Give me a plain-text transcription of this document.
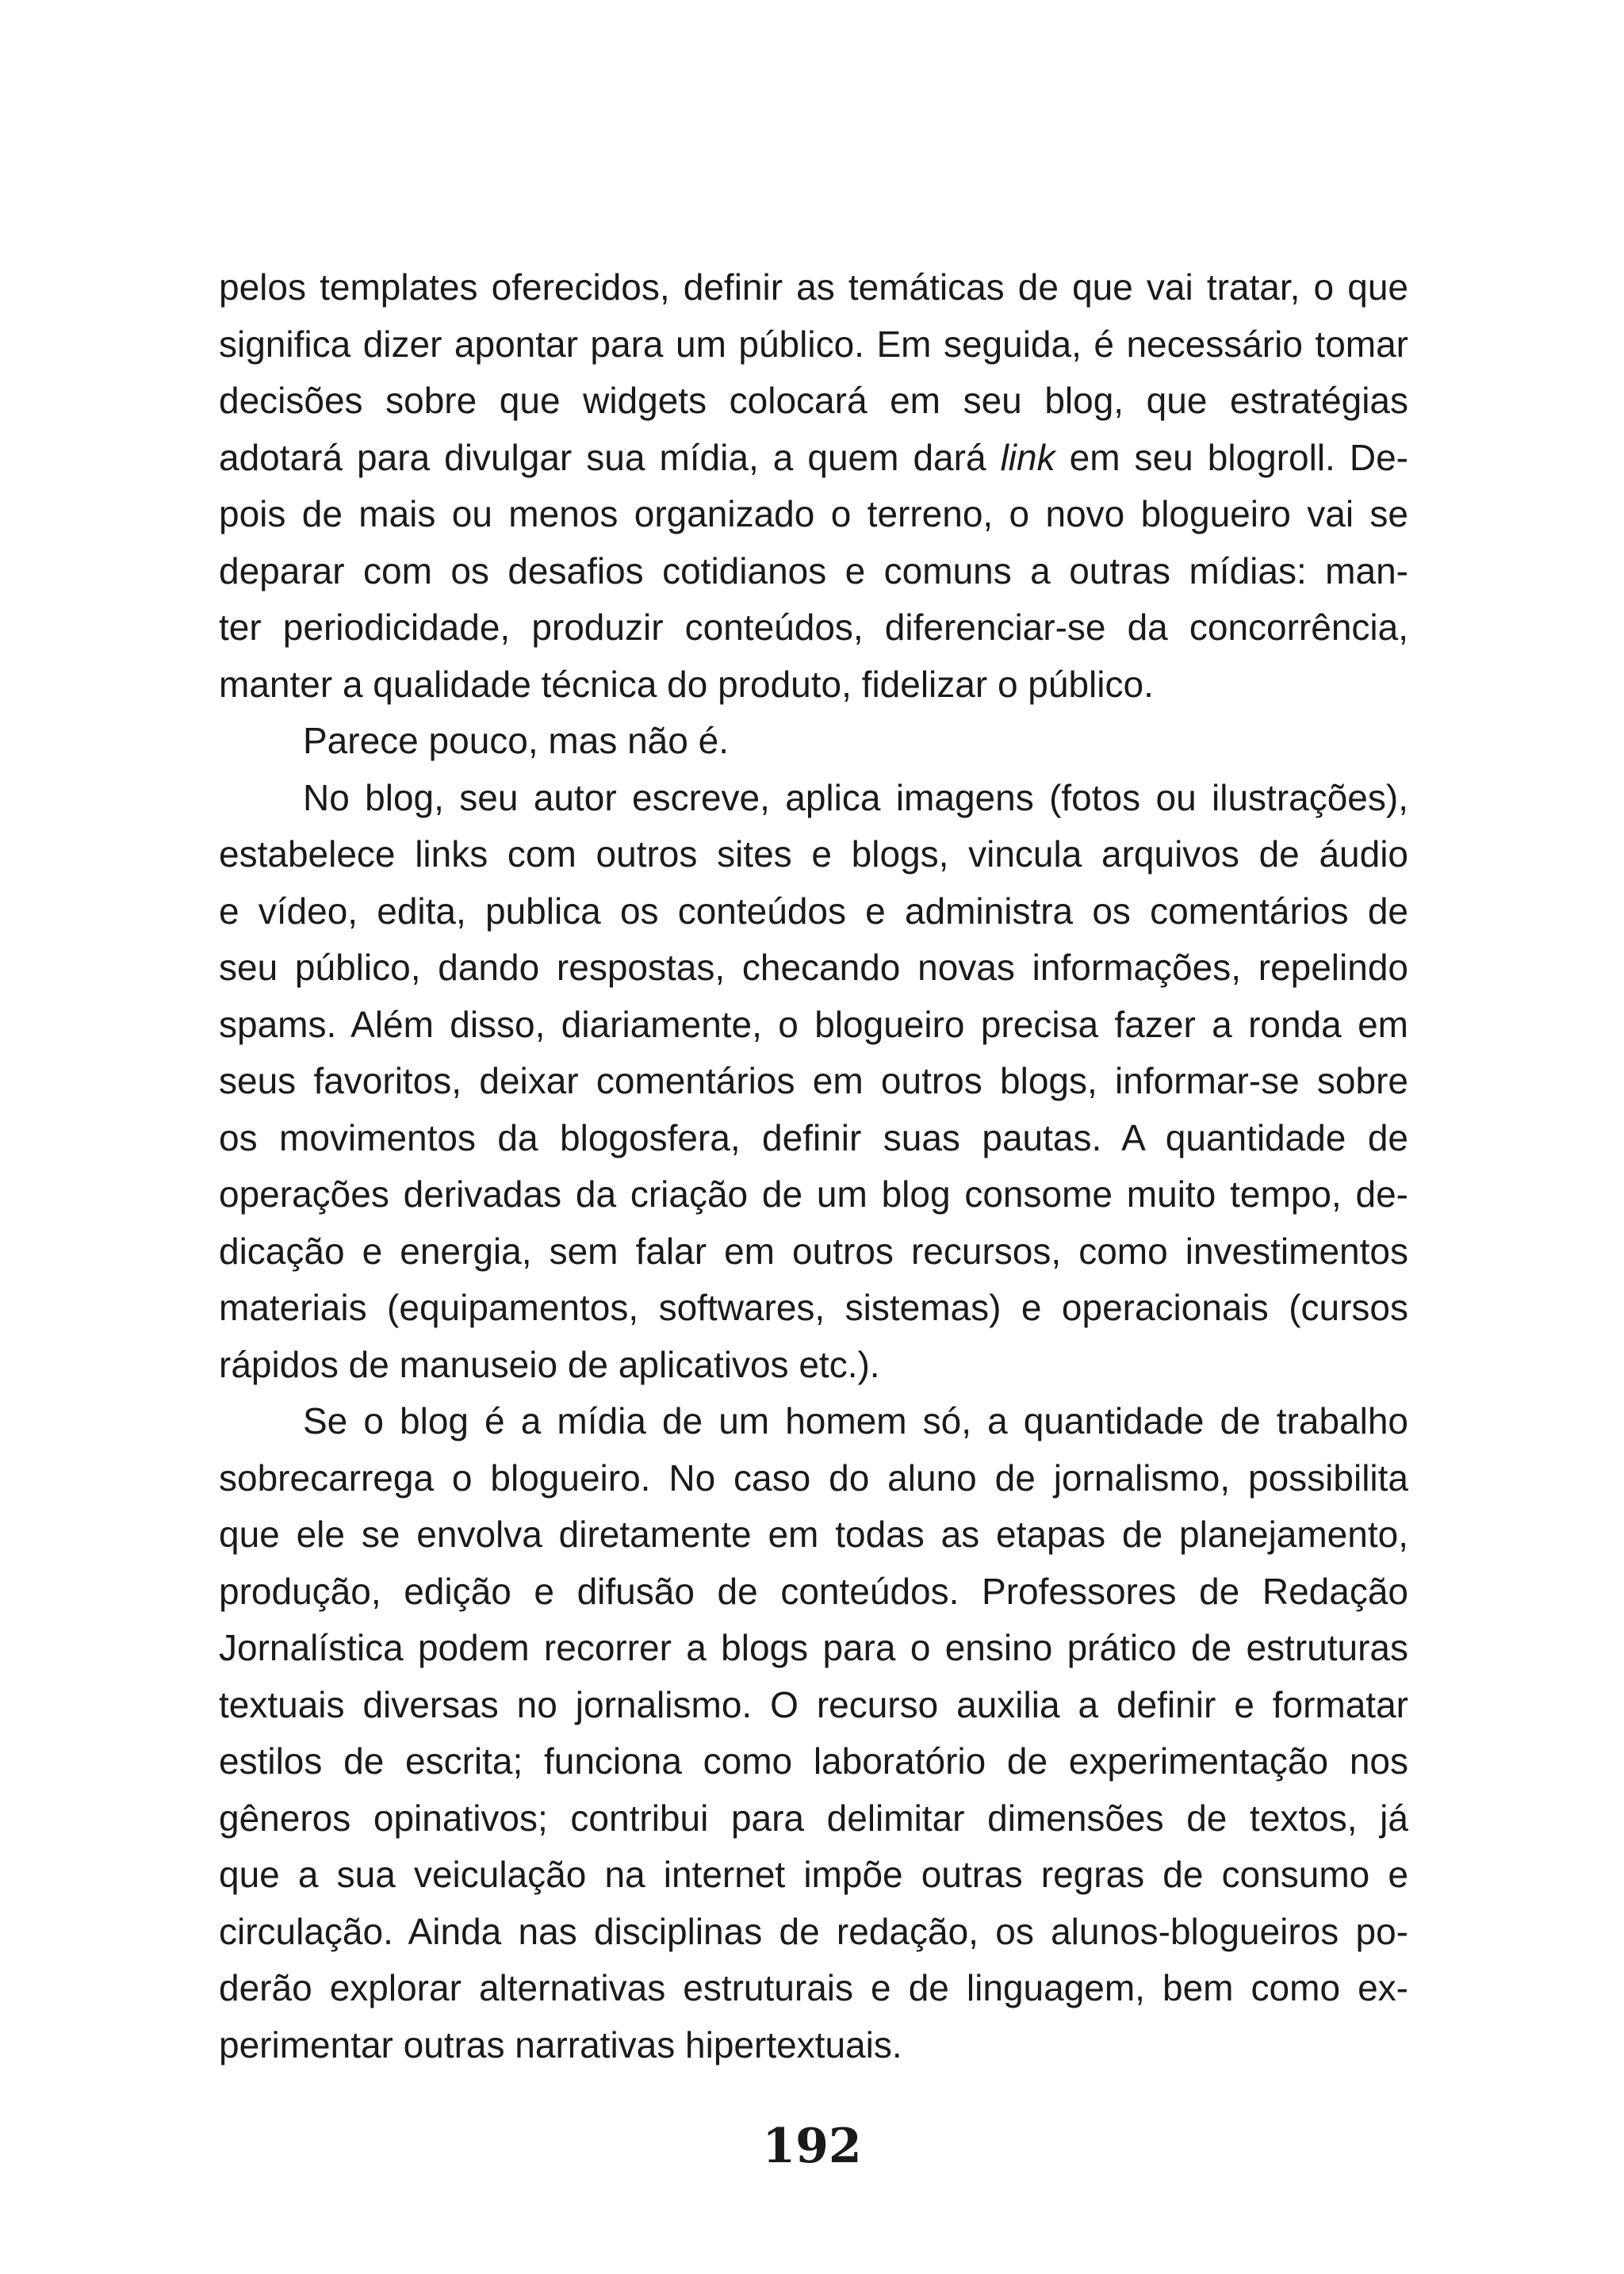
pelos templates oferecidos, definir as temáticas de que vai tratar, o que
significa dizer apontar para um público. Em seguida, é necessário tomar
decisões sobre que widgets colocará em seu blog, que estratégias
adotará para divulgar sua mídia, a quem dará link em seu blogroll. De-
pois de mais ou menos organizado o terreno, o novo blogueiro vai se
deparar com os desafios cotidianos e comuns a outras mídias: man-
ter periodicidade, produzir conteúdos, diferenciar-se da concorrência,
manter a qualidade técnica do produto, fidelizar o público.
Parece pouco, mas não é.
No blog, seu autor escreve, aplica imagens (fotos ou ilustrações),
estabelece links com outros sites e blogs, vincula arquivos de áudio
e vídeo, edita, publica os conteúdos e administra os comentários de
seu público, dando respostas, checando novas informações, repelindo
spams. Além disso, diariamente, o blogueiro precisa fazer a ronda em
seus favoritos, deixar comentários em outros blogs, informar-se sobre
os movimentos da blogosfera, definir suas pautas. A quantidade de
operações derivadas da criação de um blog consome muito tempo, de-
dicação e energia, sem falar em outros recursos, como investimentos
materiais (equipamentos, softwares, sistemas) e operacionais (cursos
rápidos de manuseio de aplicativos etc.).
Se o blog é a mídia de um homem só, a quantidade de trabalho
sobrecarrega o blogueiro. No caso do aluno de jornalismo, possibilita
que ele se envolva diretamente em todas as etapas de planejamento,
produção, edição e difusão de conteúdos. Professores de Redação
Jornalística podem recorrer a blogs para o ensino prático de estruturas
textuais diversas no jornalismo. O recurso auxilia a definir e formatar
estilos de escrita; funciona como laboratório de experimentação nos
gêneros opinativos; contribui para delimitar dimensões de textos, já
que a sua veiculação na internet impõe outras regras de consumo e
circulação. Ainda nas disciplinas de redação, os alunos-blogueiros po-
derão explorar alternativas estruturais e de linguagem, bem como ex-
perimentar outras narrativas hipertextuais.
192
